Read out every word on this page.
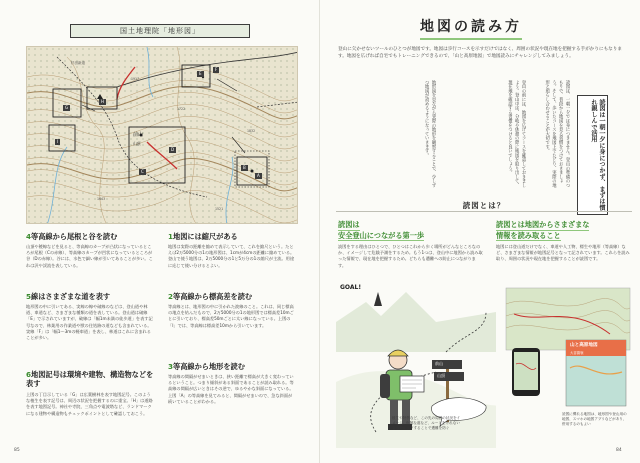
国土地理院「地形図」
G
H
I
C
D
E
F
A
B
前山
山頂
杉田新道
1917
1722
1832
1643
1521
4等高線から尾根と谷を読む
山頂や稜線などを見ると、等高線のカーブが凸状になっているところが尾根（Cの赤線）、等高線のカーブが凹状になっているところが谷（Dの赤線）。谷には、水色で細い線が引いてあることが多い。これは沢や渓流を表している。
5線はさまざまな道を表す
地形図の中に引いてある、実線の線や破線のなどは、登山道や林道、車道など、さまざまな種類の道を表している。登山道は破線「E」で示されていますが、破線は「幅1m未満の徒歩道」を表す記号なので、林業用の作業道や獣の住処跡の道なども含まれている。実線「F」は「幅1～3mの軽車道」を表し、林道はこれに含まれることが多い。
6地図記号は環境や建物、構造物などを表す
上図の丁目示している「G」は広葉樹林を表す地図記号。このような植生を表す記号は、周辺の状況を把握するのに重宝。「H」は道路を表す地図記号。神社や寺院、三角点や電波塔など、ランドマークになる建物や構造物もチェックポイントとして確認しておこう。
1地図には縮尺がある
地図は実際の距離を縮めて表示していて、これを縮尺という。たとえば2万5000分の1の地形図は、1cmが4cmの距離に縮めている。登山で使う地図は、2万5000分の1と5万分の1の縮尺が主流。用途に応じて使い分けるとよい。
2等高線から標高差を読む
等高線とは、地形図の中に引かれた波線のこと。これは、同じ標高の地点を結んだもので、2万5000分の1の地形図では標高差10mごとに引いており、標高差50mごとに太い線になっている。上図の「I」では、等高線は標高差10mから引いています。
3等高線から地形を読む
等高線の間隔がせまいときは、狭い距離で標高が大きく変わっているということ。つまり傾斜がある斜面であることが読み取れる。等高線の間隔が広いときはその逆で、ゆるやかな斜面になっている。上図「A」の等高線を見てみると、間隔がせまいので、急な斜面が続いていることがわかる。
85
地図の読み方
登山に欠かせないツールのひとつが地図です。地図は歩行コースを示すだけではなく、周囲の状況や現在地を把握する手がかりにもなります。地図を広げれば自宅でもトレーニングできるので、「山と高原地図」で地図読みにチャレンジしてみましょう。
読図は、一朝一夕では身につきません。登山の準備のつもりで、普段から地図を見る習慣をつけておきましょう。そして、歩いたコースを地図上でたどり、実際の地形と照らし合わせることが大切です。
登山の前には、地図を広げてコースを確認しておきましょう。登山中は、分岐や休憩の際に地図を取り出して、現在地を確認する習慣をつけると良いでしょう。
地形図を見ながら実際の地形を観察することで、少しずつ地図が読めるようになっていきます。	読図は一朝一夕に身につかず、まずは慣れ親しんで活用
読図とは？
読図は
安全登山につながる第一歩
読図をする理由はひとつで、ひとつはこれから歩く場所がどんなところなのか、イメージして危険予測をするため。もう1つは、登山中に地図から読み取った情報で、現在地を把握するため。どちらも遭難への防止につながります。
読図とは地図からさまざまな
情報を読み取ること
地図には登山道だけでなく、車道や人工物、標生や地形（等高線）など、さまざまな情報が地図記号となって記されています。これらを読み取り、周囲の状況や現在地を把握することが読図です。
GOAL!
前山
山頂
植生や特徴など、この先の周囲の状況をイメージ。危険な道など、ルートを外れないようチェックすることで遭難を防ぐ
山と高原地図
大菩薩嶺
読図に慣れる地図は、地形図や登山用の地図、スマホの地図アプリなどがあり、併用するのもよい
84
